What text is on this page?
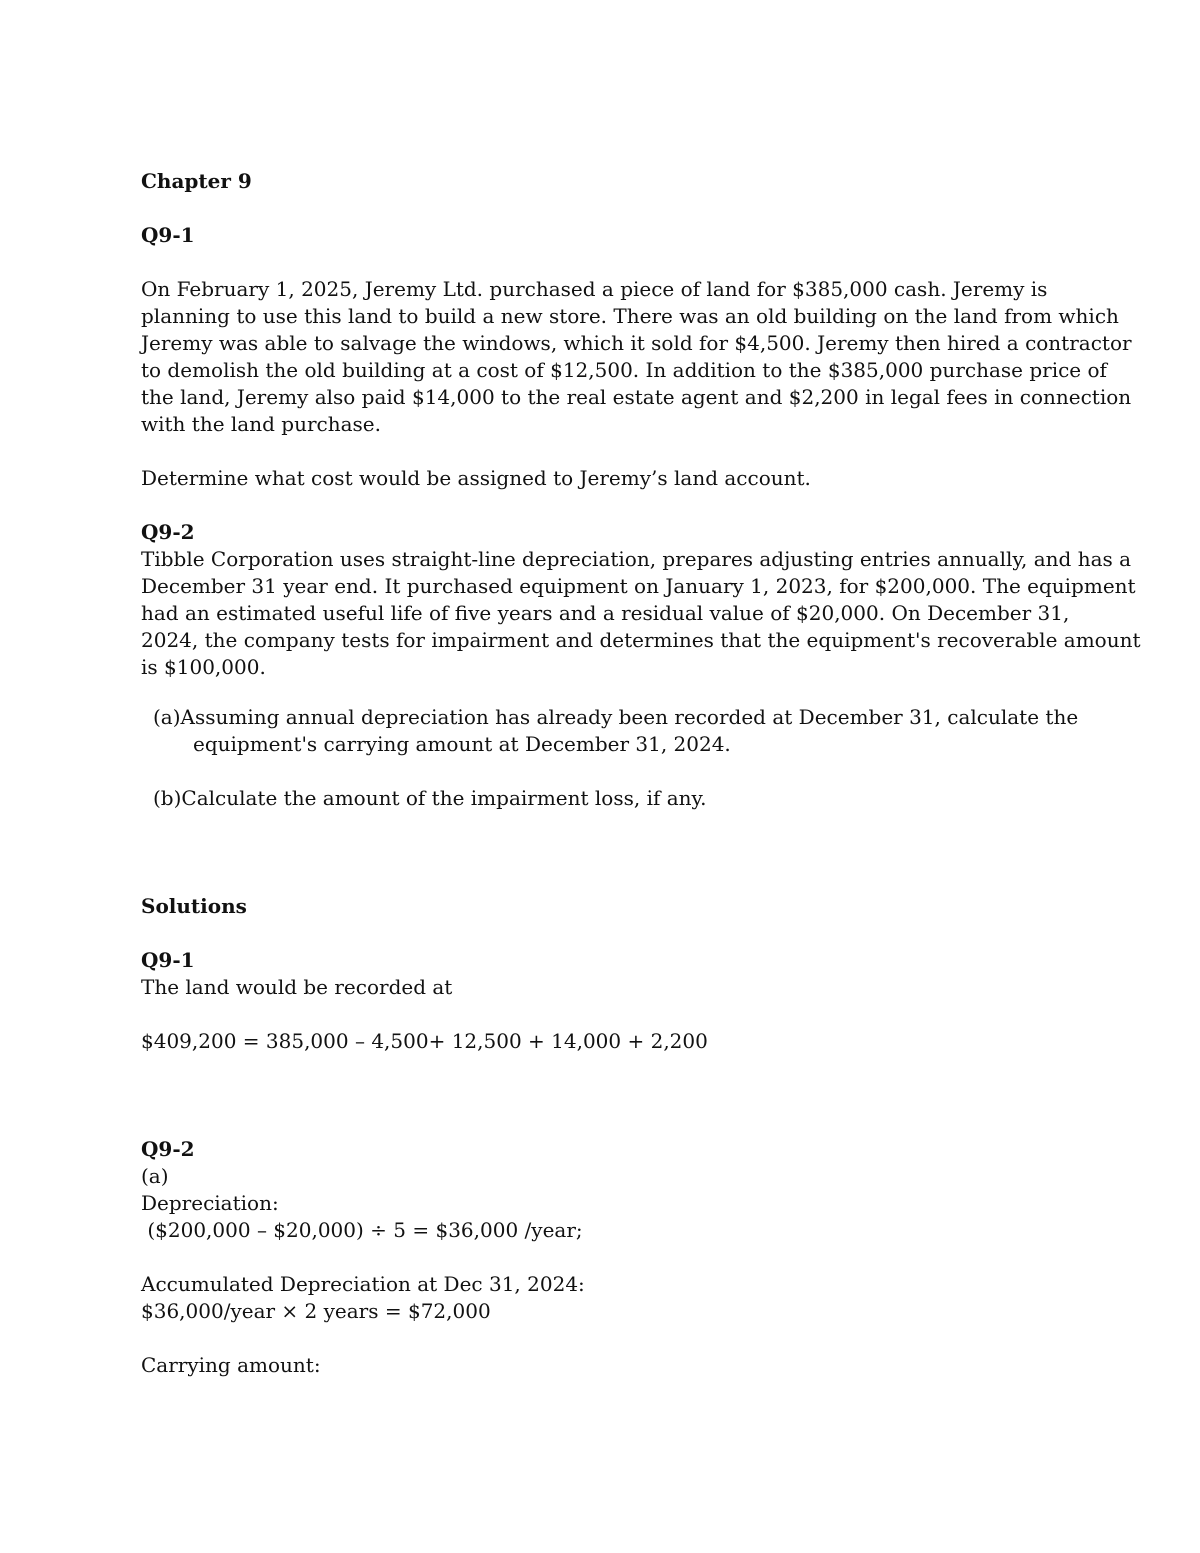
Chapter 9
Q9-1
On February 1, 2025, Jeremy Ltd. purchased a piece of land for $385,000 cash. Jeremy is
planning to use this land to build a new store. There was an old building on the land from which
Jeremy was able to salvage the windows, which it sold for $4,500. Jeremy then hired a contractor
to demolish the old building at a cost of $12,500. In addition to the $385,000 purchase price of
the land, Jeremy also paid $14,000 to the real estate agent and $2,200 in legal fees in connection
with the land purchase.
Determine what cost would be assigned to Jeremy’s land account.
Q9-2
Tibble Corporation uses straight-line depreciation, prepares adjusting entries annually, and has a
December 31 year end. It purchased equipment on January 1, 2023, for $200,000. The equipment
had an estimated useful life of five years and a residual value of $20,000. On December 31,
2024, the company tests for impairment and determines that the equipment's recoverable amount
is $100,000.
(a)Assuming annual depreciation has already been recorded at December 31, calculate the
equipment's carrying amount at December 31, 2024.
(b)Calculate the amount of the impairment loss, if any.
Solutions
Q9-1
The land would be recorded at
$409,200 = 385,000 – 4,500+ 12,500 + 14,000 + 2,200
Q9-2
(a)
Depreciation:
($200,000 – $20,000) ÷ 5 = $36,000 /year;
Accumulated Depreciation at Dec 31, 2024:
$36,000/year × 2 years = $72,000
Carrying amount:
